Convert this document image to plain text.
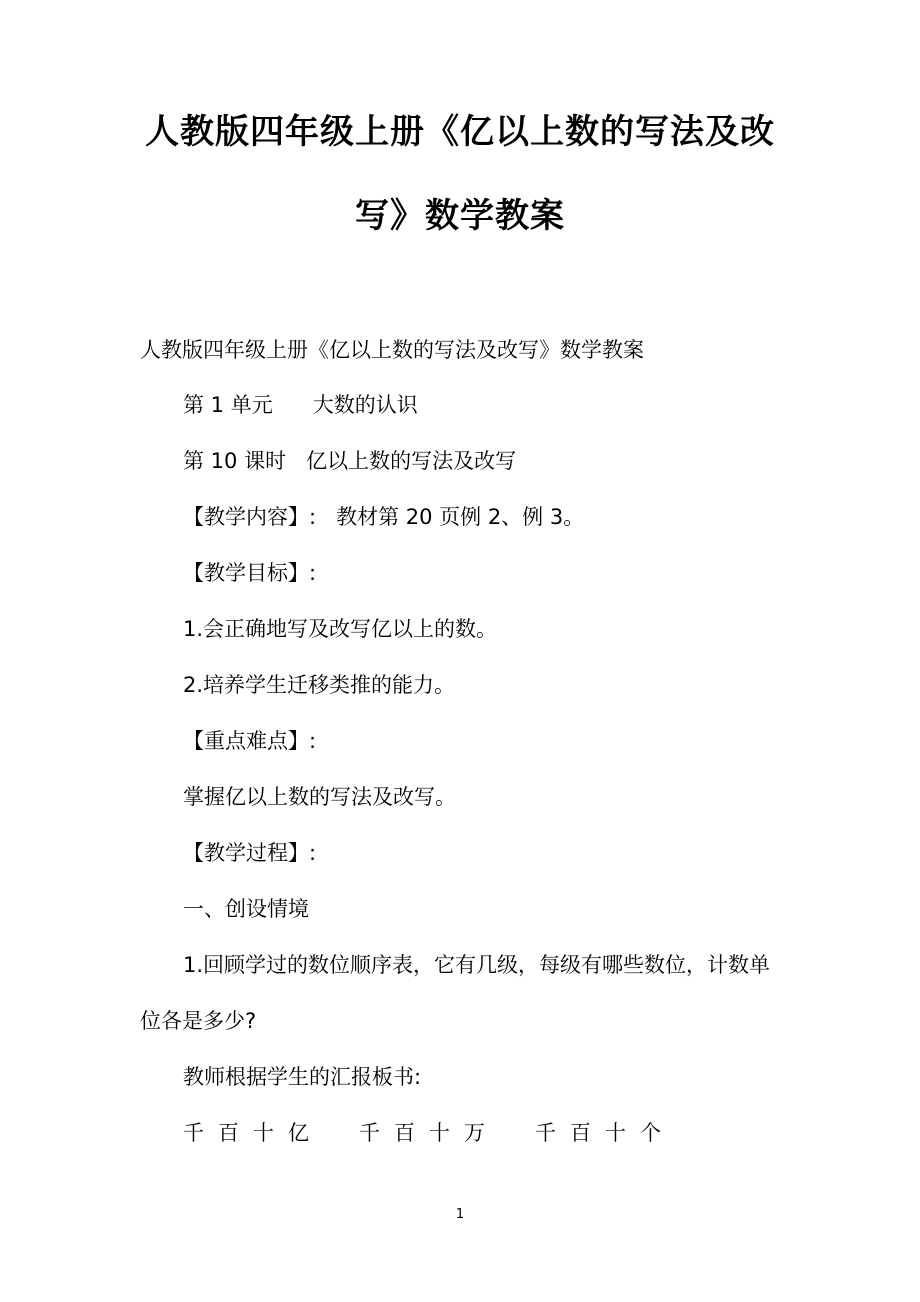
人教版四年级上册《亿以上数的写法及改
写》数学教案
人教版四年级上册《亿以上数的写法及改写》数学教案
第 1 单元 大数的认识
第 10 课时 亿以上数的写法及改写
【教学内容】: 教材第 20 页例 2、例 3。
【教学目标】:
1.会正确地写及改写亿以上的数。
2.培养学生迁移类推的能力。
【重点难点】:
掌握亿以上数的写法及改写。
【教学过程】:
一、创设情境
1.回顾学过的数位顺序表，它有几级，每级有哪些数位，计数单
位各是多少?
教师根据学生的汇报板书:
千 百 十 亿 千 百 十 万 千 百 十 个
1
